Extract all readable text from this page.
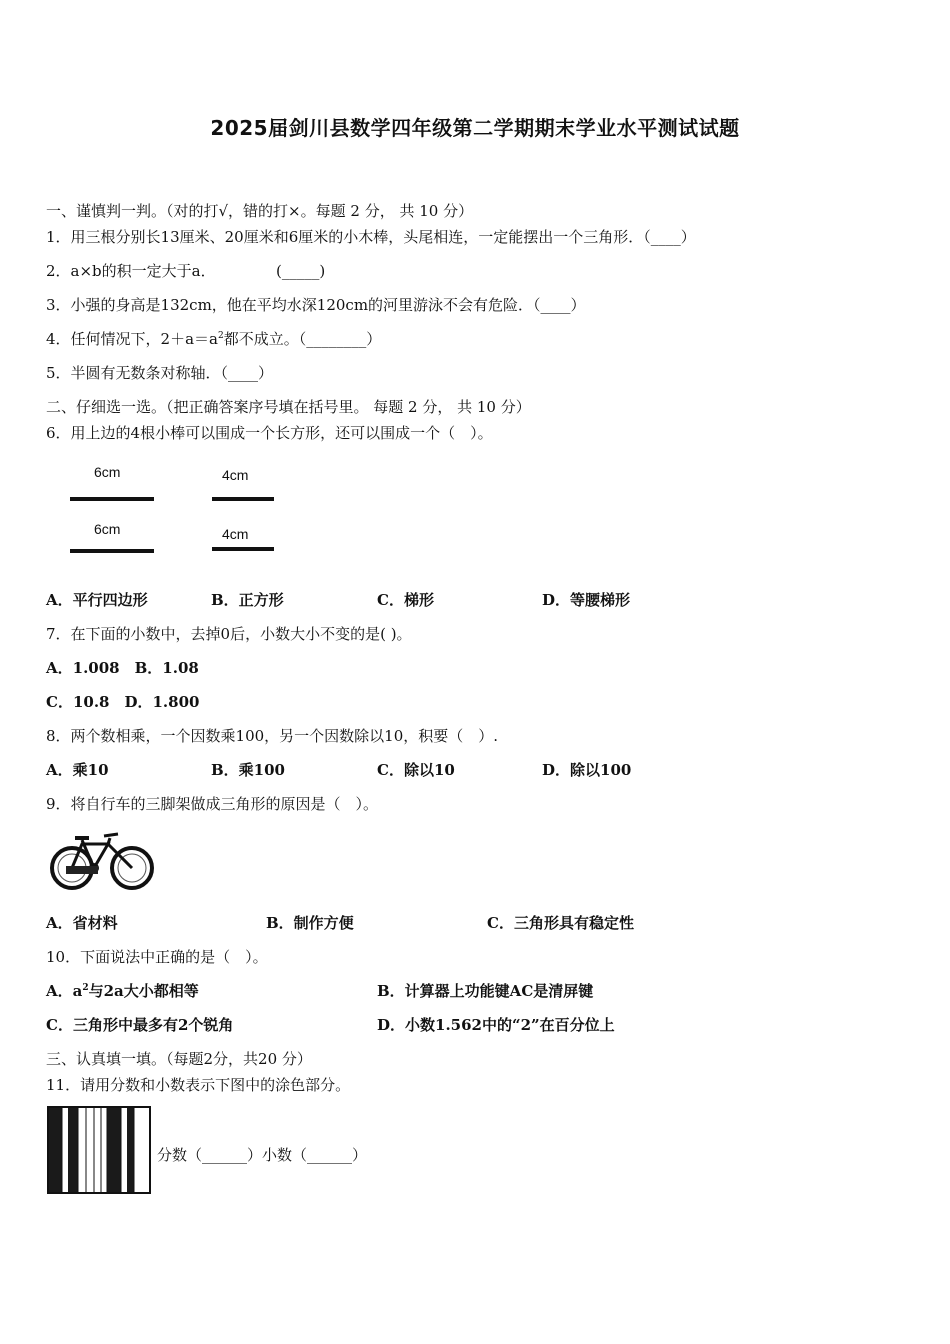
2025届剑川县数学四年级第二学期期末学业水平测试试题
一、谨慎判一判。（对的打√，错的打×。每题 2 分， 共 10 分）
1．用三根分别长13厘米、20厘米和6厘米的小木棒，头尾相连，一定能摆出一个三角形．（____）
2．a×b的积一定大于a．	(_____)
3．小强的身高是132cm，他在平均水深120cm的河里游泳不会有危险．（____）
4．任何情况下，$2+a=a^2$都不成立。（________）
5．半圆有无数条对称轴．（____）
二、仔细选一选。（把正确答案序号填在括号里。 每题 2 分， 共 10 分）
6．用上边的4根小棒可以围成一个长方形，还可以围成一个（　）。
6cm
6cm
4cm
4cm
A．平行四边形	B．正方形	C．梯形	D．等腰梯形
7．在下面的小数中，去掉0后，小数大小不变的是( )。
A．1.008　B．1.08
C．10.8　D．1.800
8．两个数相乘，一个因数乘100，另一个因数除以10，积要（　）.
A．乘10	B．乘100	C．除以10	D．除以100
9．将自行车的三脚架做成三角形的原因是（　）。
A．省材料	B．制作方便	C．三角形具有稳定性
10．下面说法中正确的是（　）。
A．$a^2$与2a大小都相等	B．计算器上功能键AC是清屏键
C．三角形中最多有2个锐角	D．小数1.562中的“2”在百分位上
三、认真填一填。（每题2分，共20 分）
11．请用分数和小数表示下图中的涂色部分。
分数（______）小数（______）
